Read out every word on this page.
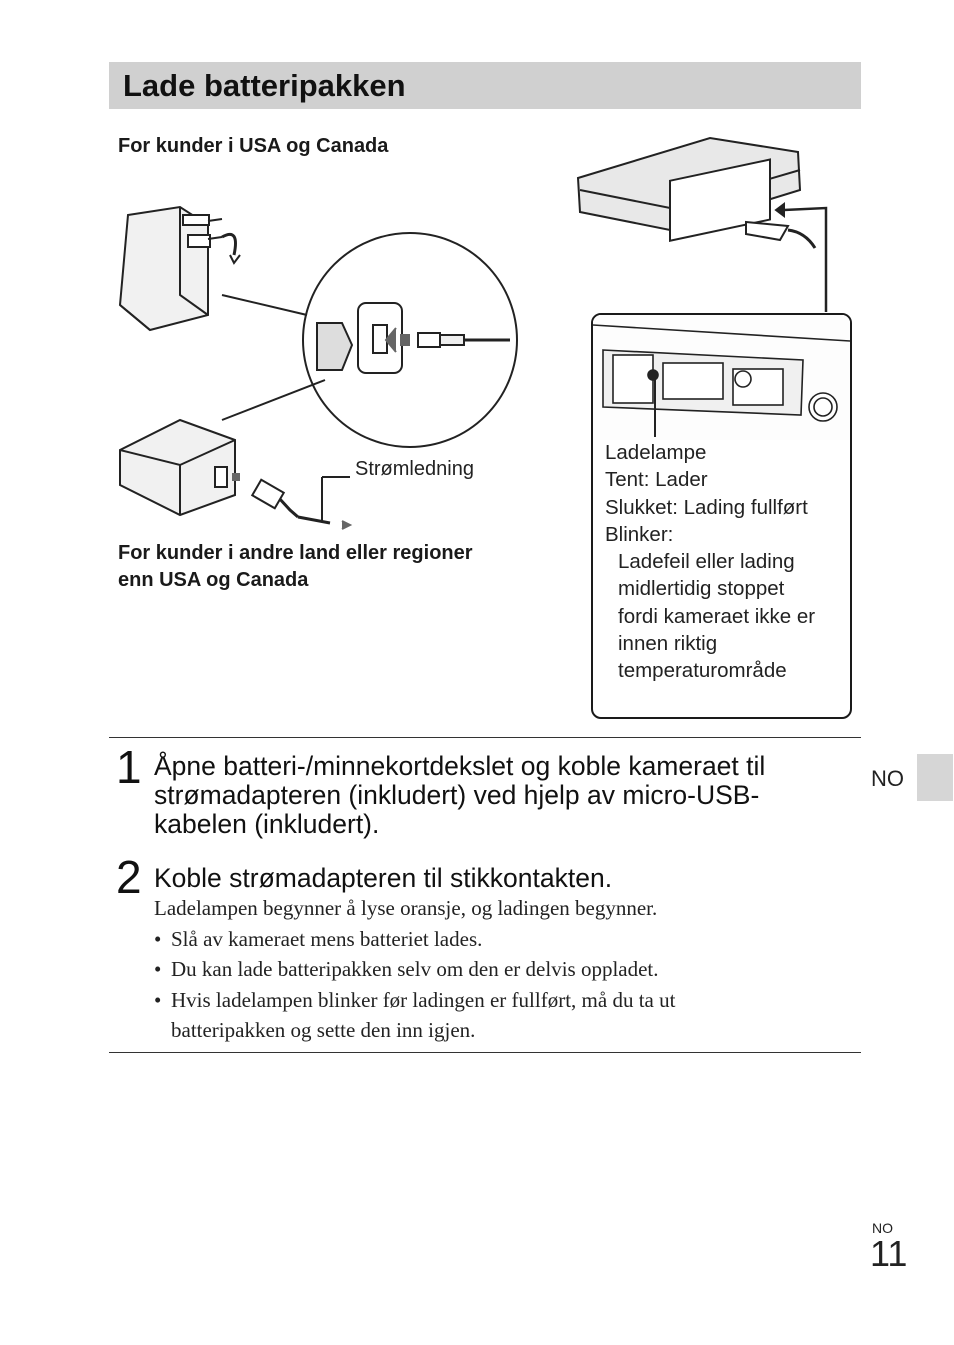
Lade batteripakken
For kunder i USA og Canada
For kunder i andre land eller regioner
enn USA og Canada
Strømledning
Ladelampe
Tent: Lader
Slukket: Lading fullført
Blinker:
Ladefeil eller lading
midlertidig stoppet
fordi kameraet ikke er
innen riktig
temperaturområde
1 Åpne batteri-/minnekortdekslet og koble kameraet til
strømadapteren (inkludert) ved hjelp av micro-USB-
kabelen (inkludert).
2 Koble strømadapteren til stikkontakten.
Ladelampen begynner å lyse oransje, og ladingen begynner.
• Slå av kameraet mens batteriet lades.
• Du kan lade batteripakken selv om den er delvis oppladet.
• Hvis ladelampen blinker før ladingen er fullført, må du ta ut
batteripakken og sette den inn igjen.
NO
NO
11
